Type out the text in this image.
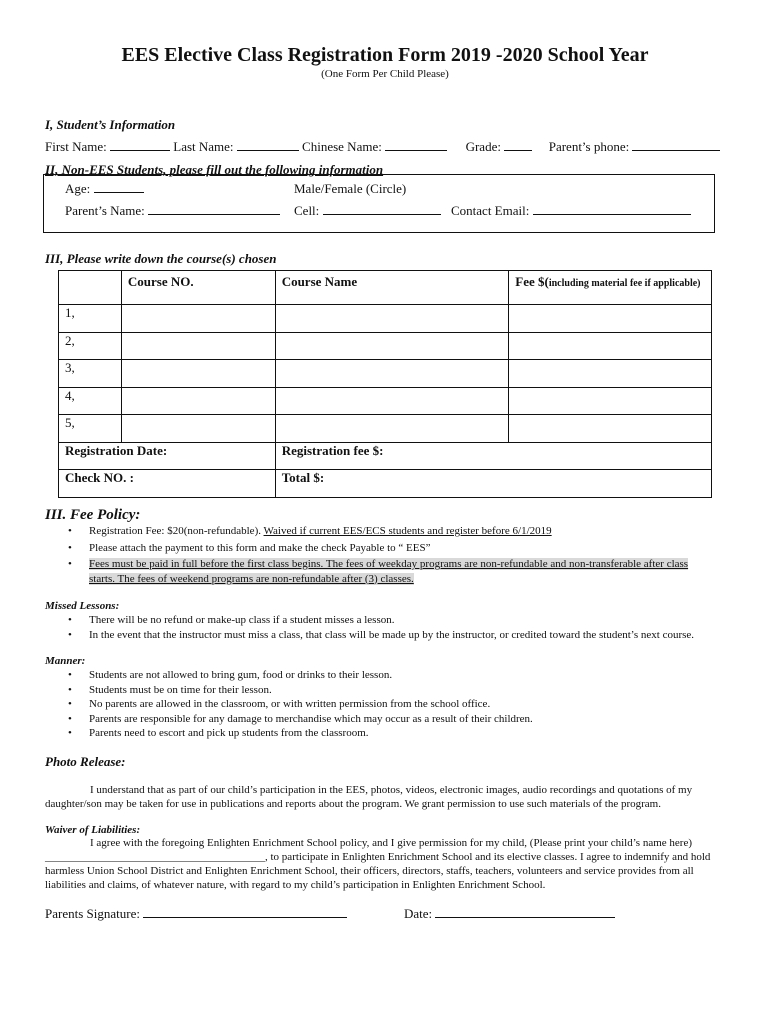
EES Elective Class Registration Form 2019 -2020 School Year
(One Form Per Child Please)
I, Student’s Information
First Name:	Last Name:	Chinese Name:	Grade:	Parent’s phone:
II, Non-EES Students, please fill out the following information
Age:	Male/Female (Circle)
Parent’s Name:	Cell:	Contact Email:
III, Please write down the course(s) chosen
	Course NO.	Course Name	Fee $(including material fee if applicable)
1,			
2,			
3,			
4,			
5,			
Registration Date:		Registration fee $:	
Check NO. :		Total $:	
III. Fee Policy:
• Registration Fee: $20(non-refundable). Waived if current EES/ECS students and register before 6/1/2019
• Please attach the payment to this form and make the check Payable to “ EES”
• Fees must be paid in full before the first class begins. The fees of weekday programs are non-refundable and non-transferable after class
starts. The fees of weekend programs are non-refundable after (3) classes.
Missed Lessons:
• There will be no refund or make-up class if a student misses a lesson.
• In the event that the instructor must miss a class, that class will be made up by the instructor, or credited toward the student’s next course.
Manner:
• Students are not allowed to bring gum, food or drinks to their lesson.
• Students must be on time for their lesson.
• No parents are allowed in the classroom, or with written permission from the school office.
• Parents are responsible for any damage to merchandise which may occur as a result of their children.
• Parents need to escort and pick up students from the classroom.
Photo Release:
I understand that as part of our child’s participation in the EES, photos, videos, electronic images, audio recordings and quotations of my
daughter/son may be taken for use in publications and reports about the program. We grant permission to use such materials of the program.
Waiver of Liabilities:
I agree with the foregoing Enlighten Enrichment School policy, and I give permission for my child, (Please print your child’s name here)
________________________________________, to participate in Enlighten Enrichment School and its elective classes. I agree to indemnify and hold
harmless Union School District and Enlighten Enrichment School, their officers, directors, staffs, teachers, volunteers and service provides from all
liabilities and claims, of whatever nature, with regard to my child’s participation in Enlighten Enrichment School.
Parents Signature:	Date:
